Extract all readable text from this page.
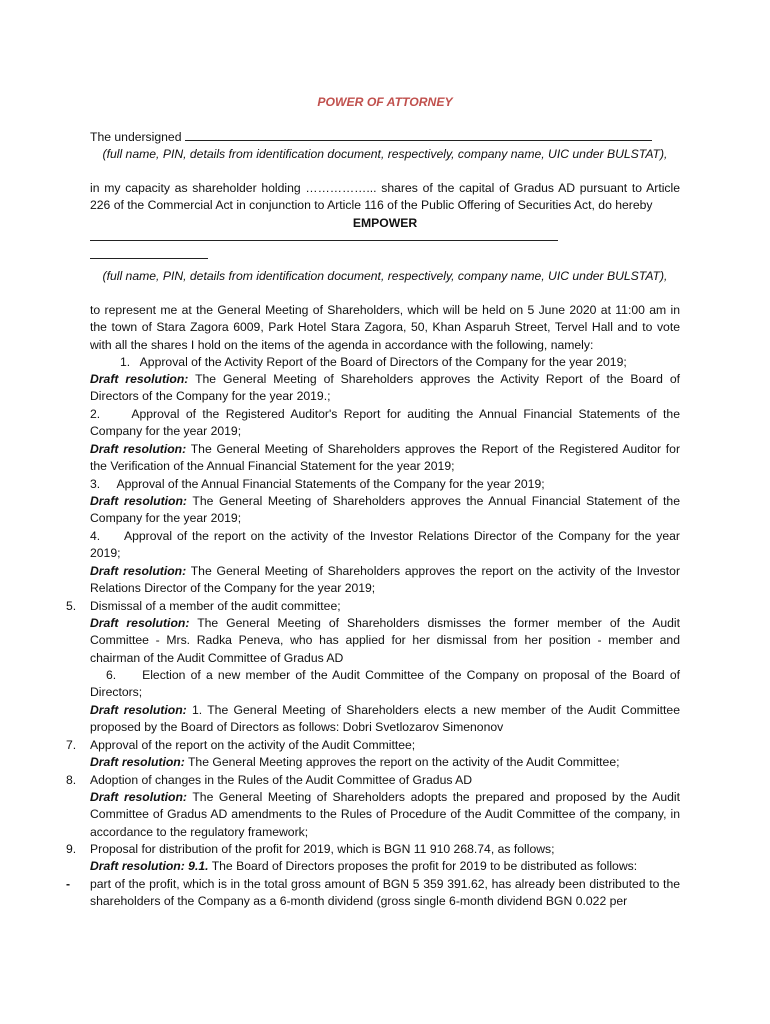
POWER OF ATTORNEY
The undersigned
(full name, PIN, details from identification document, respectively, company name, UIC under BULSTAT),
in my capacity as shareholder holding ……………... shares of the capital of Gradus AD pursuant to Article 226 of the Commercial Act in conjunction to Article 116 of the Public Offering of Securities Act, do hereby
EMPOWER
(full name, PIN, details from identification document, respectively, company name, UIC under BULSTAT),
to represent me at the General Meeting of Shareholders, which will be held on 5 June 2020 at 11:00 am in the town of Stara Zagora 6009, Park Hotel Stara Zagora, 50, Khan Asparuh Street, Tervel Hall and to vote with all the shares I hold on the items of the agenda in accordance with the following, namely:
1. Approval of the Activity Report of the Board of Directors of the Company for the year 2019;
Draft resolution: The General Meeting of Shareholders approves the Activity Report of the Board of Directors of the Company for the year 2019.;
2.	Approval of the Registered Auditor's Report for auditing the Annual Financial Statements of the Company for the year 2019;
Draft resolution: The General Meeting of Shareholders approves the Report of the Registered Auditor for the Verification of the Annual Financial Statement for the year 2019;
3. Approval of the Annual Financial Statements of the Company for the year 2019;
Draft resolution: The General Meeting of Shareholders approves the Annual Financial Statement of the Company for the year 2019;
4. Approval of the report on the activity of the Investor Relations Director of the Company for the year 2019;
Draft resolution: The General Meeting of Shareholders approves the report on the activity of the Investor Relations Director of the Company for the year 2019;
5.	Dismissal of a member of the audit committee;
Draft resolution: The General Meeting of Shareholders dismisses the former member of the Audit Committee - Mrs. Radka Peneva, who has applied for her dismissal from her position - member and chairman of the Audit Committee of Gradus AD
6. Election of a new member of the Audit Committee of the Company on proposal of the Board of Directors;
Draft resolution: 1. The General Meeting of Shareholders elects a new member of the Audit Committee proposed by the Board of Directors as follows: Dobri Svetlozarov Simenonov
7.	Approval of the report on the activity of the Audit Committee;
Draft resolution: The General Meeting approves the report on the activity of the Audit Committee;
8.	Adoption of changes in the Rules of the Audit Committee of Gradus AD
Draft resolution: The General Meeting of Shareholders adopts the prepared and proposed by the Audit Committee of Gradus AD amendments to the Rules of Procedure of the Audit Committee of the company, in accordance to the regulatory framework;
9.	Proposal for distribution of the profit for 2019, which is BGN 11 910 268.74, as follows;
Draft resolution: 9.1. The Board of Directors proposes the profit for 2019 to be distributed as follows:
-	part of the profit, which is in the total gross amount of BGN 5 359 391.62, has already been distributed to the shareholders of the Company as a 6-month dividend (gross single 6-month dividend BGN 0.022 per
